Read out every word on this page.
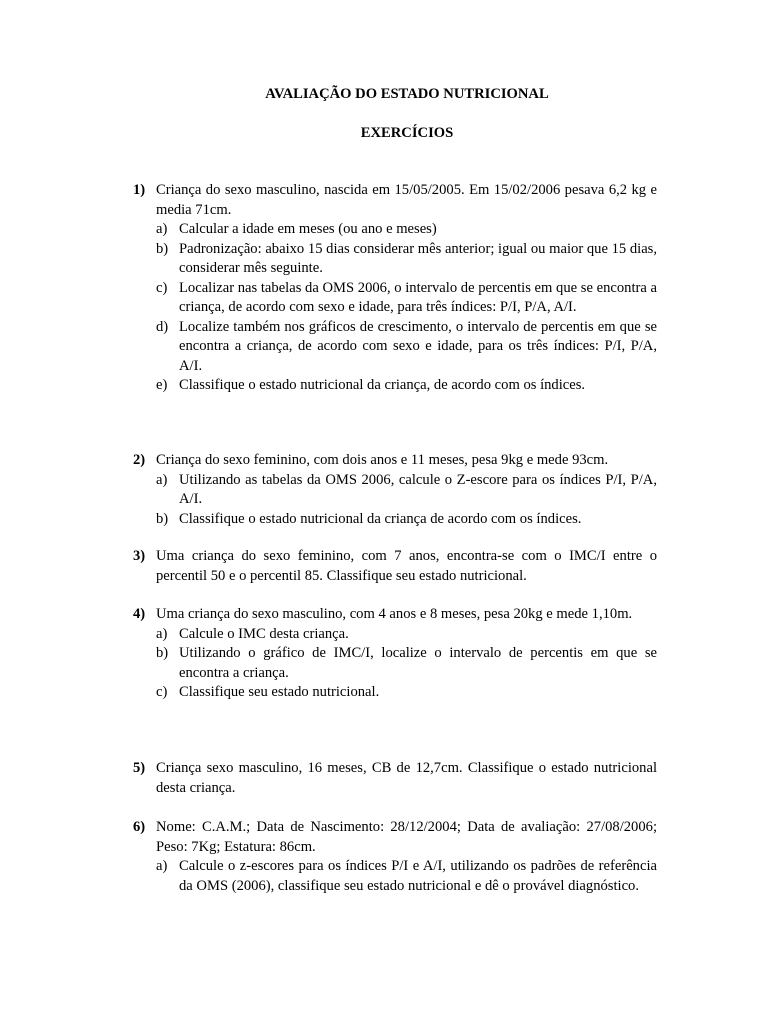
AVALIAÇÃO DO ESTADO NUTRICIONAL
EXERCÍCIOS
1) Criança do sexo masculino, nascida em 15/05/2005. Em 15/02/2006 pesava 6,2 kg e media 71cm.
a) Calcular a idade em meses (ou ano e meses)
b) Padronização: abaixo 15 dias considerar mês anterior; igual ou maior que 15 dias, considerar mês seguinte.
c) Localizar nas tabelas da OMS 2006, o intervalo de percentis em que se encontra a criança, de acordo com sexo e idade, para três índices: P/I, P/A, A/I.
d) Localize também nos gráficos de crescimento, o intervalo de percentis em que se encontra a criança, de acordo com sexo e idade, para os três índices: P/I, P/A, A/I.
e) Classifique o estado nutricional da criança, de acordo com os índices.
2) Criança do sexo feminino, com dois anos e 11 meses, pesa 9kg e mede 93cm.
a) Utilizando as tabelas da OMS 2006, calcule o Z-escore para os índices P/I, P/A, A/I.
b) Classifique o estado nutricional da criança de acordo com os índices.
3) Uma criança do sexo feminino, com 7 anos, encontra-se com o IMC/I entre o percentil 50 e o percentil 85. Classifique seu estado nutricional.
4) Uma criança do sexo masculino, com 4 anos e 8 meses, pesa 20kg e mede 1,10m.
a) Calcule o IMC desta criança.
b) Utilizando o gráfico de IMC/I, localize o intervalo de percentis em que se encontra a criança.
c) Classifique seu estado nutricional.
5) Criança sexo masculino, 16 meses, CB de 12,7cm. Classifique o estado nutricional desta criança.
6) Nome: C.A.M.; Data de Nascimento: 28/12/2004; Data de avaliação: 27/08/2006; Peso: 7Kg; Estatura: 86cm.
a) Calcule o z-escores para os índices P/I e A/I, utilizando os padrões de referência da OMS (2006), classifique seu estado nutricional e dê o provável diagnóstico.
